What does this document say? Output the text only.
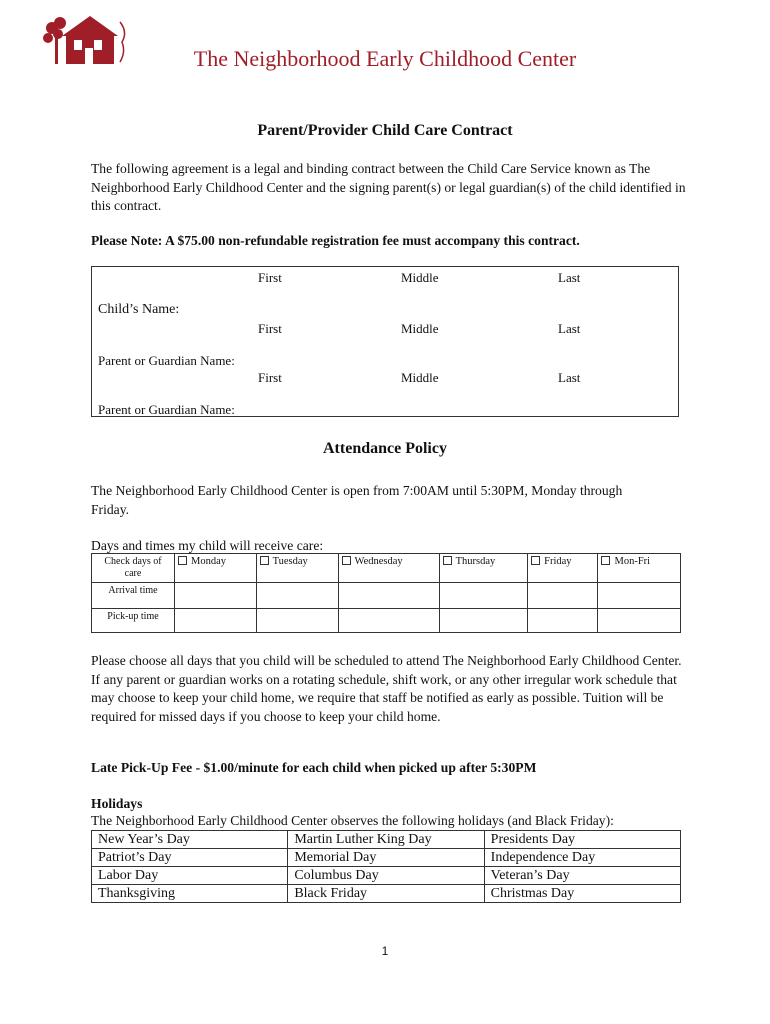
The Neighborhood Early Childhood Center
Parent/Provider Child Care Contract
The following agreement is a legal and binding contract between the Child Care Service known as The Neighborhood Early Childhood Center and the signing parent(s) or legal guardian(s) of the child identified in this contract.
Please Note: A $75.00 non-refundable registration fee must accompany this contract.
First	Middle	Last
Child’s Name:
First	Middle	Last
Parent or Guardian Name:
First	Middle	Last
Parent or Guardian Name:
Attendance Policy
The Neighborhood Early Childhood Center is open from 7:00AM until 5:30PM, Monday through Friday.
Days and times my child will receive care:
Check days of care	Monday	Tuesday	Wednesday	Thursday	Friday	Mon-Fri
Arrival time						
Pick-up time						
Please choose all days that you child will be scheduled to attend The Neighborhood Early Childhood Center. If any parent or guardian works on a rotating schedule, shift work, or any other irregular work schedule that may choose to keep your child home, we require that staff be notified as early as possible. Tuition will be required for missed days if you choose to keep your child home.
Late Pick-Up Fee - $1.00/minute for each child when picked up after 5:30PM
Holidays
The Neighborhood Early Childhood Center observes the following holidays (and Black Friday):
New Year’s Day	Martin Luther King Day	Presidents Day
Patriot’s Day	Memorial Day	Independence Day
Labor Day	Columbus Day	Veteran’s Day
Thanksgiving	Black Friday	Christmas Day
1
